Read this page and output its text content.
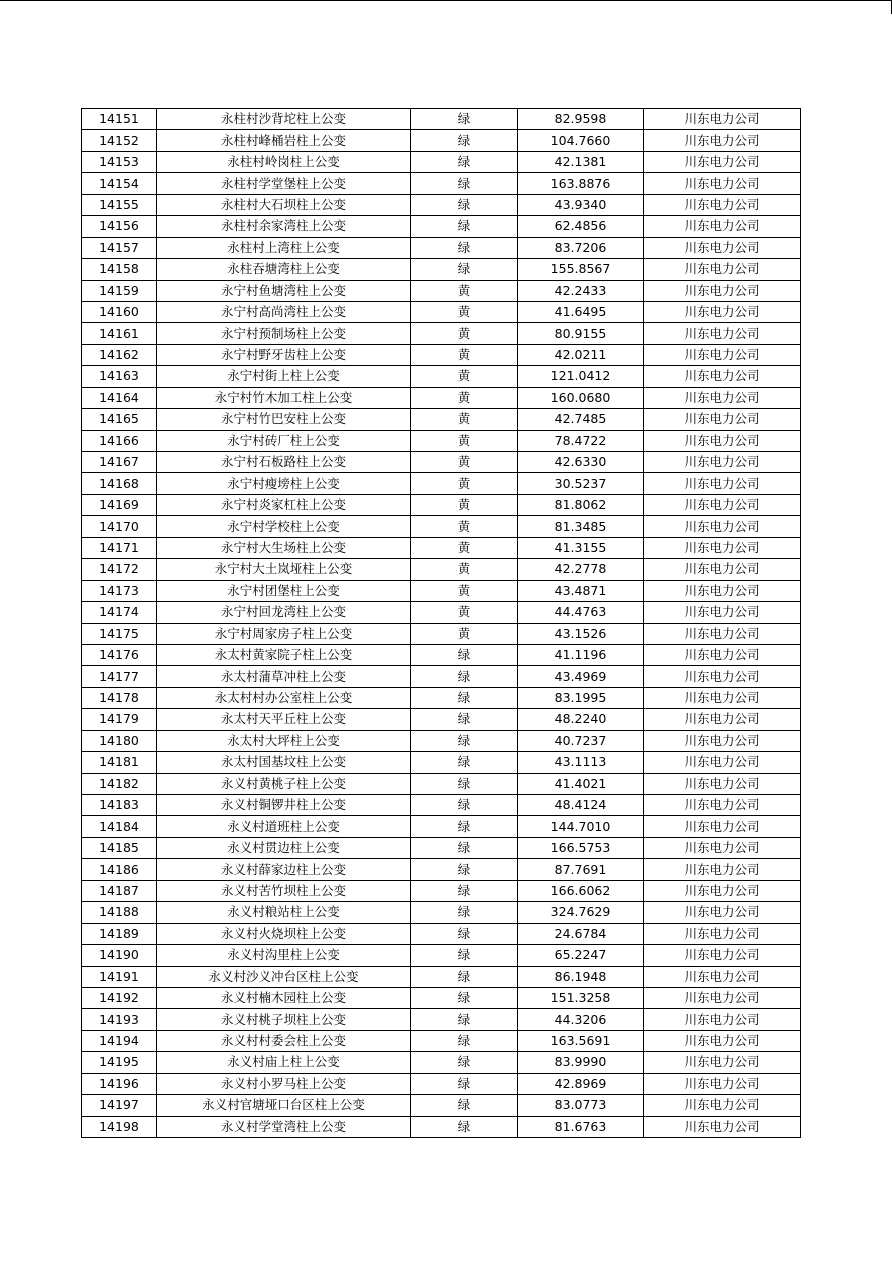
14151	永柱村沙背坨柱上公变	绿	82.9598	川东电力公司
14152	永柱村峰桶岩柱上公变	绿	104.7660	川东电力公司
14153	永柱村岭岗柱上公变	绿	42.1381	川东电力公司
14154	永柱村学堂堡柱上公变	绿	163.8876	川东电力公司
14155	永柱村大石坝柱上公变	绿	43.9340	川东电力公司
14156	永柱村余家湾柱上公变	绿	62.4856	川东电力公司
14157	永柱村上湾柱上公变	绿	83.7206	川东电力公司
14158	永柱吞塘湾柱上公变	绿	155.8567	川东电力公司
14159	永宁村鱼塘湾柱上公变	黄	42.2433	川东电力公司
14160	永宁村高尚湾柱上公变	黄	41.6495	川东电力公司
14161	永宁村预制场柱上公变	黄	80.9155	川东电力公司
14162	永宁村野牙齿柱上公变	黄	42.0211	川东电力公司
14163	永宁村街上柱上公变	黄	121.0412	川东电力公司
14164	永宁村竹木加工柱上公变	黄	160.0680	川东电力公司
14165	永宁村竹巴安柱上公变	黄	42.7485	川东电力公司
14166	永宁村砖厂柱上公变	黄	78.4722	川东电力公司
14167	永宁村石板路柱上公变	黄	42.6330	川东电力公司
14168	永宁村瘦塝柱上公变	黄	30.5237	川东电力公司
14169	永宁村炎家杠柱上公变	黄	81.8062	川东电力公司
14170	永宁村学校柱上公变	黄	81.3485	川东电力公司
14171	永宁村大生场柱上公变	黄	41.3155	川东电力公司
14172	永宁村大土岚垭柱上公变	黄	42.2778	川东电力公司
14173	永宁村团堡柱上公变	黄	43.4871	川东电力公司
14174	永宁村回龙湾柱上公变	黄	44.4763	川东电力公司
14175	永宁村周家房子柱上公变	黄	43.1526	川东电力公司
14176	永太村黄家院子柱上公变	绿	41.1196	川东电力公司
14177	永太村蒲草冲柱上公变	绿	43.4969	川东电力公司
14178	永太村村办公室柱上公变	绿	83.1995	川东电力公司
14179	永太村天平丘柱上公变	绿	48.2240	川东电力公司
14180	永太村大坪柱上公变	绿	40.7237	川东电力公司
14181	永太村国基坟柱上公变	绿	43.1113	川东电力公司
14182	永义村黄桃子柱上公变	绿	41.4021	川东电力公司
14183	永义村铜锣井柱上公变	绿	48.4124	川东电力公司
14184	永义村道班柱上公变	绿	144.7010	川东电力公司
14185	永义村贯边柱上公变	绿	166.5753	川东电力公司
14186	永义村薛家边柱上公变	绿	87.7691	川东电力公司
14187	永义村苦竹坝柱上公变	绿	166.6062	川东电力公司
14188	永义村粮站柱上公变	绿	324.7629	川东电力公司
14189	永义村火烧坝柱上公变	绿	24.6784	川东电力公司
14190	永义村沟里柱上公变	绿	65.2247	川东电力公司
14191	永义村沙义冲台区柱上公变	绿	86.1948	川东电力公司
14192	永义村楠木园柱上公变	绿	151.3258	川东电力公司
14193	永义村桃子坝柱上公变	绿	44.3206	川东电力公司
14194	永义村村委会柱上公变	绿	163.5691	川东电力公司
14195	永义村庙上柱上公变	绿	83.9990	川东电力公司
14196	永义村小罗马柱上公变	绿	42.8969	川东电力公司
14197	永义村官塘垭口台区柱上公变	绿	83.0773	川东电力公司
14198	永义村学堂湾柱上公变	绿	81.6763	川东电力公司
